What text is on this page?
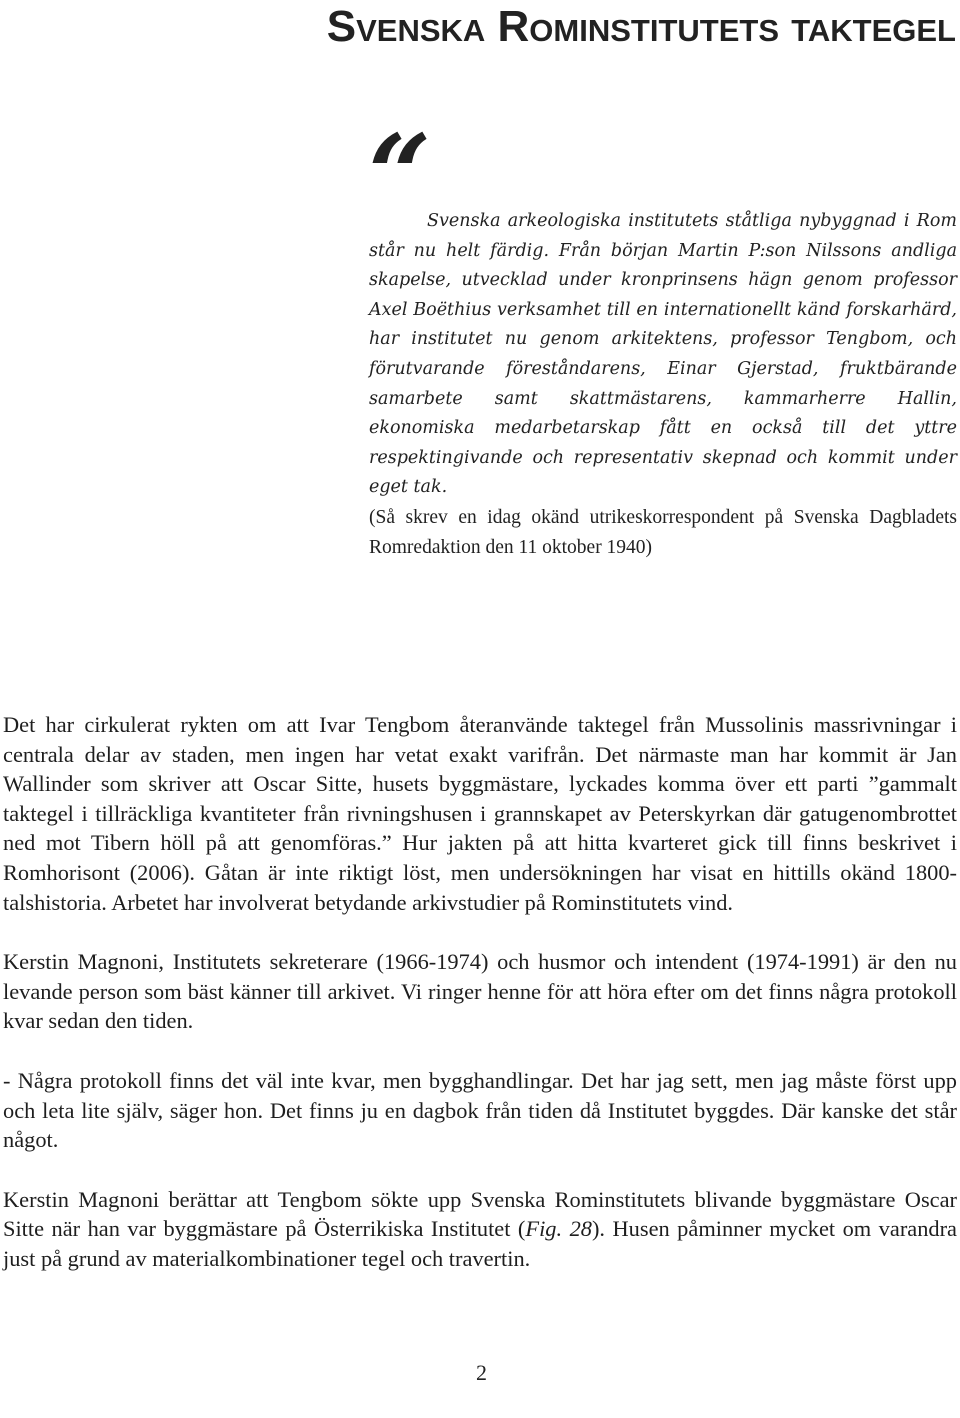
Svenska Rominstitutets taktegel
“
Svenska arkeologiska institutets ståtliga nybyggnad i Rom står nu helt färdig. Från början Martin P:son Nilssons andliga skapelse, utvecklad under kronprinsens hägn genom professor Axel Boëthius verksamhet till en internationellt känd forskarhärd, har institutet nu genom arkitektens, professor Tengbom, och förutvarande föreståndarens, Einar Gjerstad, fruktbärande samarbete samt skattmästarens, kammarherre Hallin, ekonomiska medarbetarskap fått en också till det yttre respektingivande och representativ skepnad och kommit under eget tak.
(Så skrev en idag okänd utrikeskorrespondent på Svenska Dagbladets Romredaktion den 11 oktober 1940)

Det har cirkulerat rykten om att Ivar Tengbom återanvände taktegel från Mussolinis massrivningar i centrala delar av staden, men ingen har vetat exakt varifrån. Det närmaste man har kommit är Jan Wallinder som skriver att Oscar Sitte, husets byggmästare, lyckades komma över ett parti ”gammalt taktegel i tillräckliga kvantiteter från rivningshusen i grannskapet av Peterskyrkan där gatugenombrottet ned mot Tibern höll på att genomföras.” Hur jakten på att hitta kvarteret gick till finns beskrivet i Romhorisont (2006). Gåtan är inte riktigt löst, men undersökningen har visat en hittills okänd 1800-talshistoria. Arbetet har involverat betydande arkivstudier på Rominstitutets vind.

Kerstin Magnoni, Institutets sekreterare (1966-1974) och husmor och intendent (1974-1991) är den nu levande person som bäst känner till arkivet. Vi ringer henne för att höra efter om det finns några protokoll kvar sedan den tiden.

- Några protokoll finns det väl inte kvar, men bygghandlingar. Det har jag sett, men jag måste först upp och leta lite själv, säger hon. Det finns ju en dagbok från tiden då Institutet byggdes. Där kanske det står något.

Kerstin Magnoni berättar att Tengbom sökte upp Svenska Rominstitutets blivande byggmästare Oscar Sitte när han var byggmästare på Österrikiska Institutet (Fig. 28). Husen påminner mycket om varandra just på grund av materialkombinationer tegel och travertin.

2
